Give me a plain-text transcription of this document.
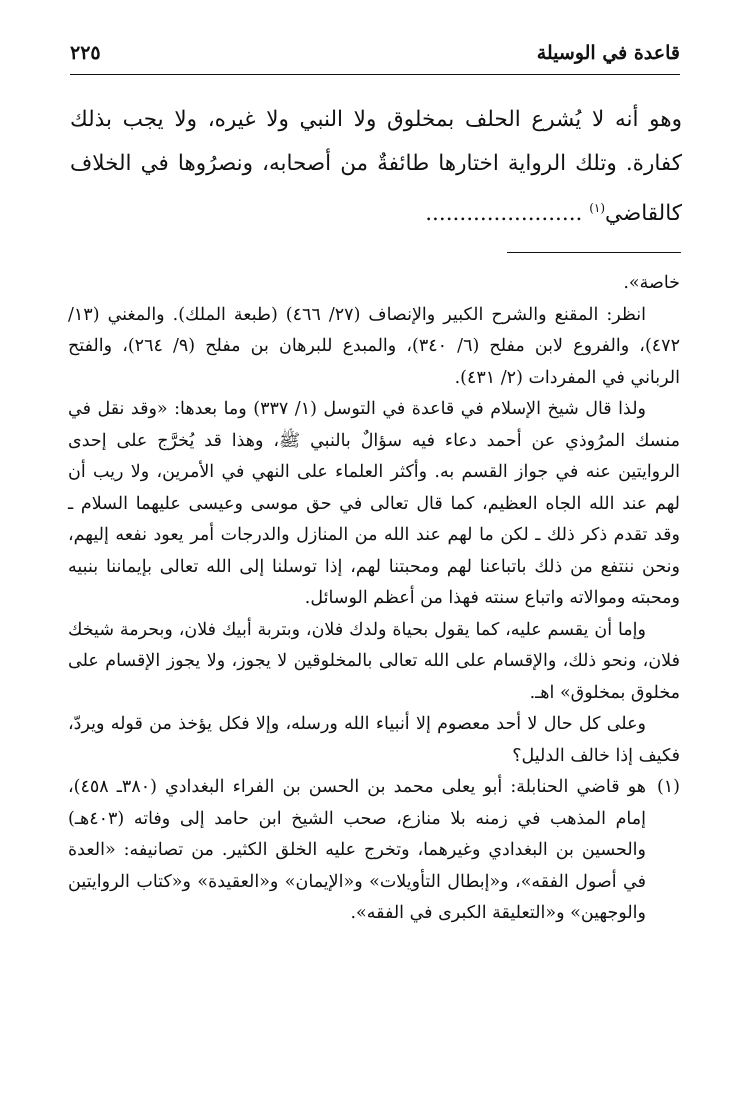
قاعدة في الوسيلة
٢٢٥

وهو أنه لا يُشرع الحلف بمخلوق ولا النبي ولا غيره، ولا يجب بذلك كفارة. وتلك الرواية اختارها طائفةٌ من أصحابه، ونصرُوها في الخلاف كالقاضي$^{(١)}$ .......................

خاصة».

انظر: المقنع والشرح الكبير والإنصاف (٢٧/ ٤٦٦) (طبعة الملك). والمغني (١٣/ ٤٧٢)، والفروع لابن مفلح (٦/ ٣٤٠)، والمبدع للبرهان بن مفلح (٩/ ٢٦٤)، والفتح الرباني في المفردات (٢/ ٤٣١).

ولذا قال شيخ الإسلام في قاعدة في التوسل (١/ ٣٣٧) وما بعدها: «وقد نقل في منسك المرُوذي عن أحمد دعاء فيه سؤالٌ بالنبي ﷺ، وهذا قد يُخرَّج على إحدى الروايتين عنه في جواز القسم به. وأكثر العلماء على النهي في الأمرين، ولا ريب أن لهم عند الله الجاه العظيم، كما قال تعالى في حق موسى وعيسى عليهما السلام ـ وقد تقدم ذكر ذلك ـ لكن ما لهم عند الله من المنازل والدرجات أمر يعود نفعه إليهم، ونحن ننتفع من ذلك باتباعنا لهم ومحبتنا لهم، إذا توسلنا إلى الله تعالى بإيماننا بنبيه ومحبته وموالاته واتباع سنته فهذا من أعظم الوسائل.

وإما أن يقسم عليه، كما يقول بحياة ولدك فلان، وبتربة أبيك فلان، وبحرمة شيخك فلان، ونحو ذلك، والإقسام على الله تعالى بالمخلوقين لا يجوز، ولا يجوز الإقسام على مخلوق بمخلوق» اهـ.

وعلى كل حال لا أحد معصوم إلا أنبياء الله ورسله، وإلا فكل يؤخذ من قوله ويردّ، فكيف إذا خالف الدليل؟

(١)
هو قاضي الحنابلة: أبو يعلى محمد بن الحسن بن الفراء البغدادي (٣٨٠ـ ٤٥٨)، إمام المذهب في زمنه بلا منازع، صحب الشيخ ابن حامد إلى وفاته (٤٠٣هـ) والحسين بن البغدادي وغيرهما، وتخرج عليه الخلق الكثير. من تصانيفه: «العدة في أصول الفقه»، و«إبطال التأويلات» و«الإيمان» و«العقيدة» و«كتاب الروايتين والوجهين» و«التعليقة الكبرى في الفقه».
